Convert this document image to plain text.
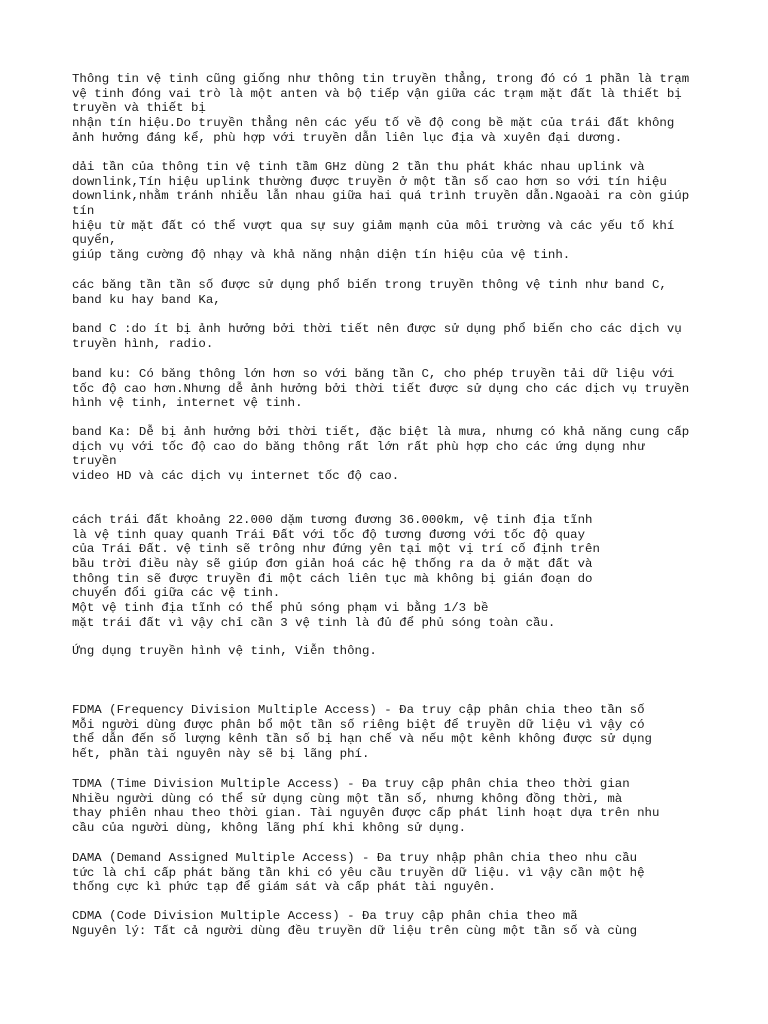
Thông tin vệ tinh cũng giống như thông tin truyền thẳng, trong đó có 1 phần là trạm
vệ tinh đóng vai trò là một anten và bộ tiếp vận giữa các trạm mặt đất là thiết bị
truyền và thiết bị
nhận tín hiệu.Do truyền thẳng nên các yếu tố về độ cong bề mặt của trái đất không
ảnh hưởng đáng kể, phù hợp với truyền dẫn liên lục địa và xuyên đại dương.
dải tần của thông tin vệ tinh tầm GHz dùng 2 tần thu phát khác nhau uplink và
downlink,Tín hiệu uplink thường được truyền ở một tần số cao hơn so với tín hiệu
downlink,nhằm tránh nhiễu lẫn nhau giữa hai quá trình truyền dẫn.Ngaoài ra còn giúp
tín
hiệu từ mặt đất có thể vượt qua sự suy giảm mạnh của môi trường và các yếu tố khí
quyển,
giúp tăng cường độ nhạy và khả năng nhận diện tín hiệu của vệ tinh.
các băng tần tần số được sử dụng phổ biến trong truyền thông vệ tinh như band C,
band ku hay band Ka,
band C :do ít bị ảnh hưởng bởi thời tiết nên được sử dụng phổ biến cho các dịch vụ
truyền hình, radio.
band ku: Có băng thông lớn hơn so với băng tần C, cho phép truyền tải dữ liệu với
tốc độ cao hơn.Nhưng dễ ảnh hưởng bởi thời tiết được sử dụng cho các dịch vụ truyền
hình vệ tinh, internet vệ tinh.
band Ka: Dễ bị ảnh hưởng bởi thời tiết, đặc biệt là mưa, nhưng có khả năng cung cấp
dịch vụ với tốc độ cao do băng thông rất lớn rất phù hợp cho các ứng dụng như
truyền
video HD và các dịch vụ internet tốc độ cao.
cách trái đất khoảng 22.000 dặm tương đương 36.000km, vệ tinh địa tĩnh
là vệ tinh quay quanh Trái Đất với tốc độ tương đương với tốc độ quay
của Trái Đất. vệ tinh sẽ trông như đứng yên tại một vị trí cố định trên
bầu trời điều này sẽ giúp đơn giản hoá các hệ thống ra da ở mặt đất và
thông tin sẽ được truyền đi một cách liên tục mà không bị gián đoạn do
chuyển đổi giữa các vệ tinh.
Một vệ tinh địa tĩnh có thể phủ sóng phạm vi bằng 1/3 bề
mặt trái đất vì vậy chỉ cần 3 vệ tinh là đủ để phủ sóng toàn cầu.
Ứng dụng truyền hình vệ tinh, Viễn thông.
FDMA (Frequency Division Multiple Access) - Đa truy cập phân chia theo tần số
Mỗi người dùng được phân bổ một tần số riêng biệt để truyền dữ liệu vì vậy có
thể dẫn đến số lượng kênh tần số bị hạn chế và nếu một kênh không được sử dụng
hết, phần tài nguyên này sẽ bị lãng phí.
TDMA (Time Division Multiple Access) - Đa truy cập phân chia theo thời gian
Nhiều người dùng có thể sử dụng cùng một tần số, nhưng không đồng thời, mà
thay phiên nhau theo thời gian. Tài nguyên được cấp phát linh hoạt dựa trên nhu
cầu của người dùng, không lãng phí khi không sử dụng.
DAMA (Demand Assigned Multiple Access) - Đa truy nhập phân chia theo nhu cầu
tức là chỉ cấp phát băng tần khi có yêu cầu truyền dữ liệu. vì vậy cần một hệ
thống cực kì phức tạp để giám sát và cấp phát tài nguyên.
CDMA (Code Division Multiple Access) - Đa truy cập phân chia theo mã
Nguyên lý: Tất cả người dùng đều truyền dữ liệu trên cùng một tần số và cùng
